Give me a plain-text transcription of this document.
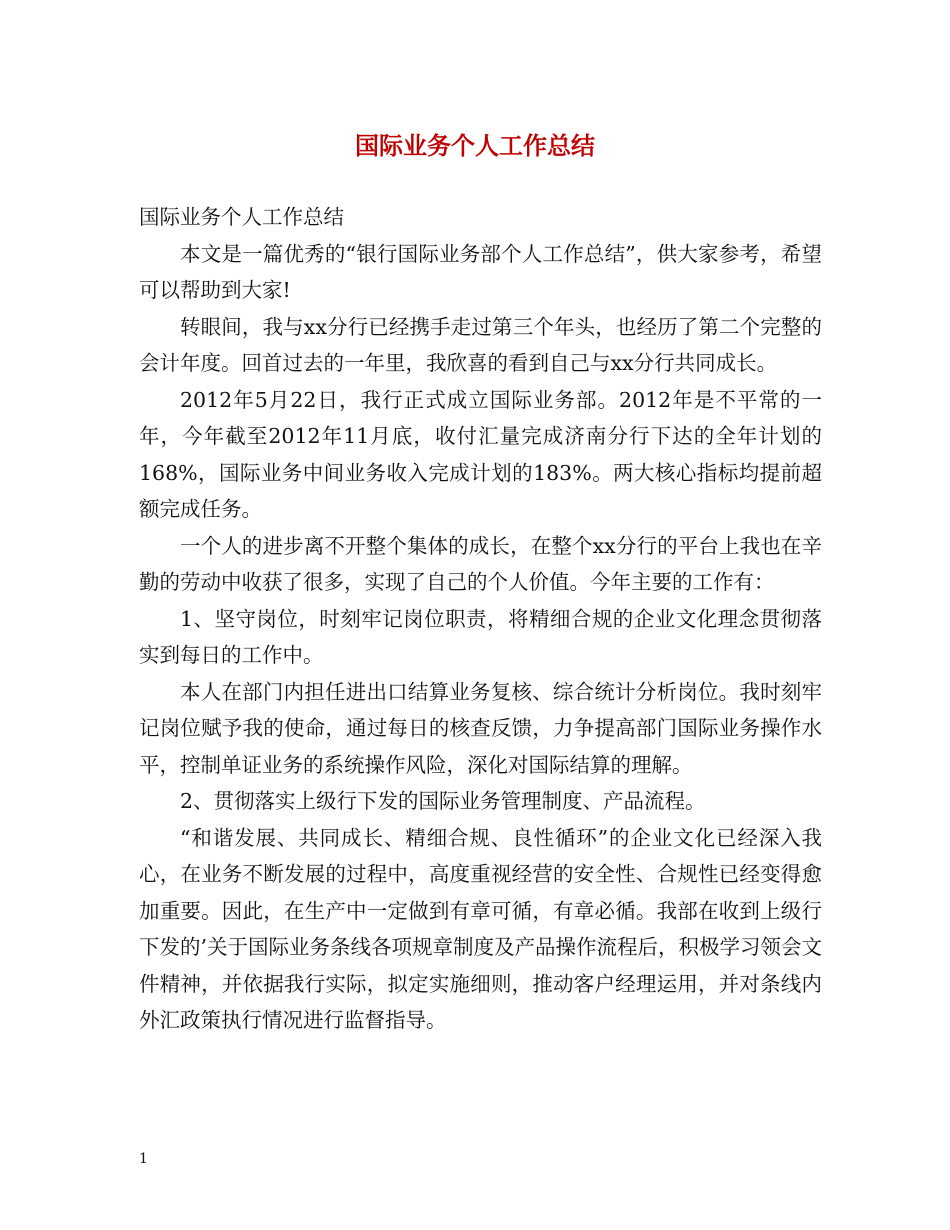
国际业务个人工作总结

国际业务个人工作总结

本文是一篇优秀的“银行国际业务部个人工作总结”，供大家参考，希望可以帮助到大家!

转眼间，我与xx分行已经携手走过第三个年头，也经历了第二个完整的会计年度。回首过去的一年里，我欣喜的看到自己与xx分行共同成长。

2012年5月22日，我行正式成立国际业务部。2012年是不平常的一年，今年截至2012年11月底，收付汇量完成济南分行下达的全年计划的168%，国际业务中间业务收入完成计划的183%。两大核心指标均提前超额完成任务。

一个人的进步离不开整个集体的成长，在整个xx分行的平台上我也在辛勤的劳动中收获了很多，实现了自己的个人价值。今年主要的工作有：

1、坚守岗位，时刻牢记岗位职责，将精细合规的企业文化理念贯彻落实到每日的工作中。

本人在部门内担任进出口结算业务复核、综合统计分析岗位。我时刻牢记岗位赋予我的使命，通过每日的核查反馈，力争提高部门国际业务操作水平，控制单证业务的系统操作风险，深化对国际结算的理解。

2、贯彻落实上级行下发的国际业务管理制度、产品流程。

“和谐发展、共同成长、精细合规、良性循环”的企业文化已经深入我心，在业务不断发展的过程中，高度重视经营的安全性、合规性已经变得愈加重要。因此，在生产中一定做到有章可循，有章必循。我部在收到上级行下发的’关于国际业务条线各项规章制度及产品操作流程后，积极学习领会文件精神，并依据我行实际，拟定实施细则，推动客户经理运用，并对条线内外汇政策执行情况进行监督指导。

1
